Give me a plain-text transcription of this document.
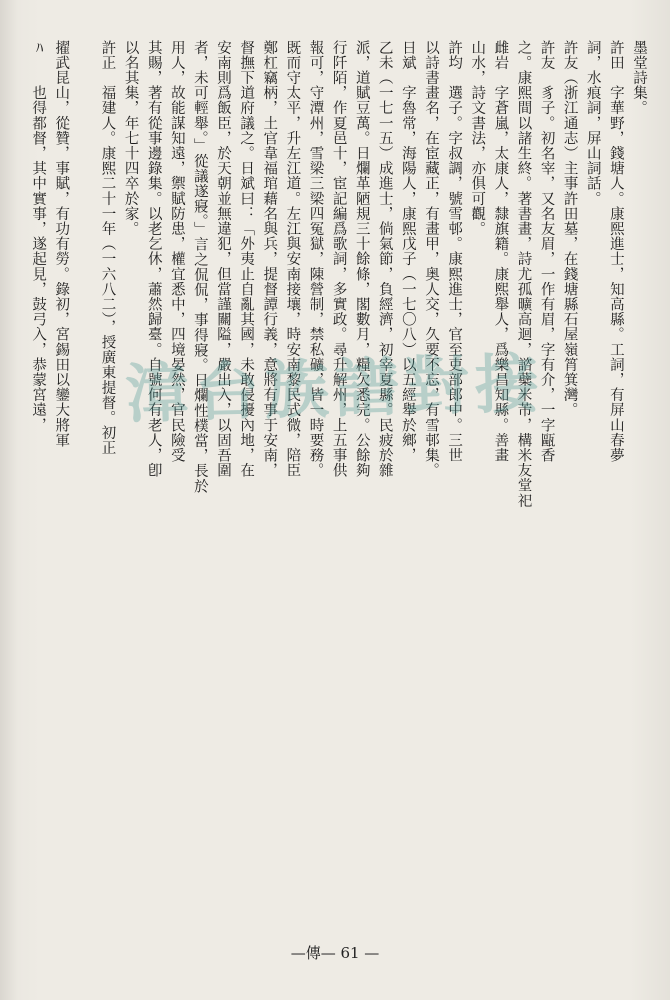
墨堂詩集。
許田　字華野，錢塘人。康熙進士，知高縣。工詞，有屏山春夢
詞，水痕詞，屏山詞話。
許友（浙江通志）主事許田墓，在錢塘縣石屋嶺筲箕灣。
許友　豸子。初名宰，又名友眉，一作有眉，字有介，一字甌香
之。康熙間以諸生終。著書畫，詩尤孤曠高迴，諮蘗米芾，構米友堂祀
雌岩　字蒼嵐，太康人，隸旗籍。康熙舉人，爲樂昌知縣。善畫
山水，詩文書法，亦俱可觀。
許均　選子。字叔調，號雪邨。康熙進士，官至吏部郎中。三世
以詩書畫名，在宦藏正，有畫甲，奥人交，久要不忘，有雪邨集。
日斌　字魯常，海陽人，康熙戊子（一七〇八）以五經舉於鄉，
乙未（一七一五）成進士，倘氣節，負經濟，初宰夏縣。民疲於雜
派，道賦豆萬。日爛革陋規三十餘條，閣數月，糧欠悉完。公餘夠
行阡陌，作夏邑十，宦記編爲歌詞，多實政。尋升解州，上五事供
報可，守潭州，雪梁三梁四冤獄，陳營制，禁私礦，皆一時要務。
既而守太平，升左江道。左江與安南接壤，時安南黎民式微，陪臣
鄭杠竊柄，土官韋福琯藉名與兵，提督譚行義，意將有事于安南，
督撫下道府議之。日斌曰：「外夷止自亂其國，未敢侵擾內地，在
安南則爲飯臣，於天朝並無違犯，但當謹關隘，嚴出入，以固吾圍
者，未可輕舉。」從議遂寢。」言之侃侃，事得寢。日爛性樸當，長於
用人，故能謀知遠，禦賦防患，權宜悉中，四境晏然，官民險受
其賜，著有從事邊錄集。以老乞休，蕭然歸臺。自號何有老人，卽
以名其集，年七十四卒於家。
許正　福建人。康熙二十一年（一六八二），授廣東提督。初正
擢武昆山，從贊，事賦，有功有勞。錄初，宮錫田以鑾大將軍
ﾊ　　也得都督，其中實事，遂起見，鼓弓入，恭蒙宮遠，	漳台族譜對接
—傳— 61 —
